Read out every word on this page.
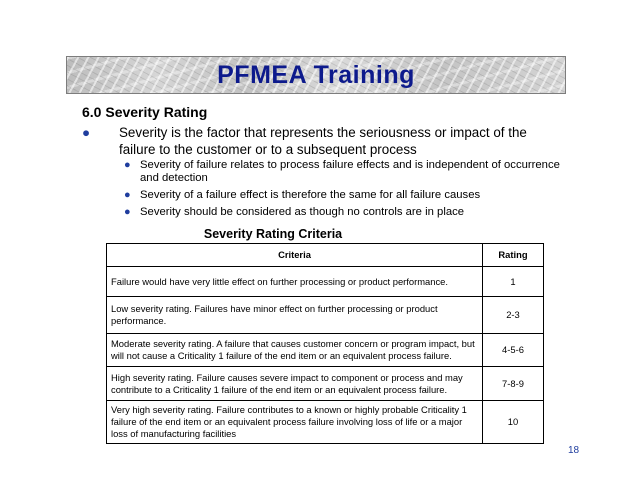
PFMEA Training
6.0 Severity Rating
● Severity is the factor that represents the seriousness or impact of the failure to the customer or to a subsequent process
● Severity of failure relates to process failure effects and is independent of occurrence and detection
● Severity of a failure effect is therefore the same for all failure causes
● Severity should be considered as though no controls are in place
Severity Rating Criteria
Criteria	Rating
Failure would have very little effect on further processing or product performance.	1
Low severity rating. Failures have minor effect on further processing or product performance.	2-3
Moderate severity rating. A failure that causes customer concern or program impact, but will not cause a Criticality 1 failure of the end item or an equivalent process failure.	4-5-6
High severity rating. Failure causes severe impact to component or process and may contribute to a Criticality 1 failure of the end item or an equivalent process failure.	7-8-9
Very high severity rating. Failure contributes to a known or highly probable Criticality 1 failure of the end item or an equivalent process failure involving loss of life or a major loss of manufacturing facilities	10
18
